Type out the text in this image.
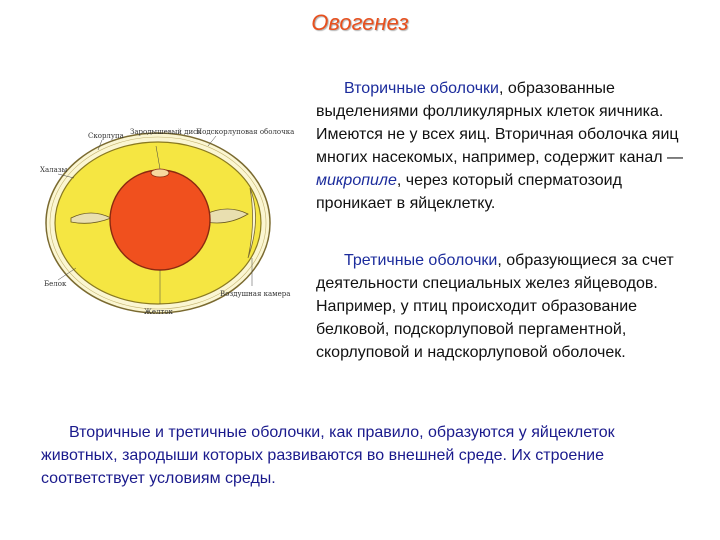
Овогенез
Скорлупа Зародышевый диск
Подскорлуповая оболочка
Халазы
Белок
Воздушная камера
Желток
Вторичные оболочки, образованные выделениями фолликулярных клеток яичника. Имеются не у всех яиц. Вторичная оболочка яиц многих насекомых, например, содержит канал — микропиле, через который сперматозоид проникает в яйцеклетку.
Третичные оболочки, образующиеся за счет деятельности специальных желез яйцеводов. Например, у птиц происходит образование белковой, подскорлуповой пергаментной, скорлуповой и надскорлуповой оболочек.
Вторичные и третичные оболочки, как правило, образуются у яйцеклеток животных, зародыши которых развиваются во внешней среде. Их строение соответствует условиям среды.
